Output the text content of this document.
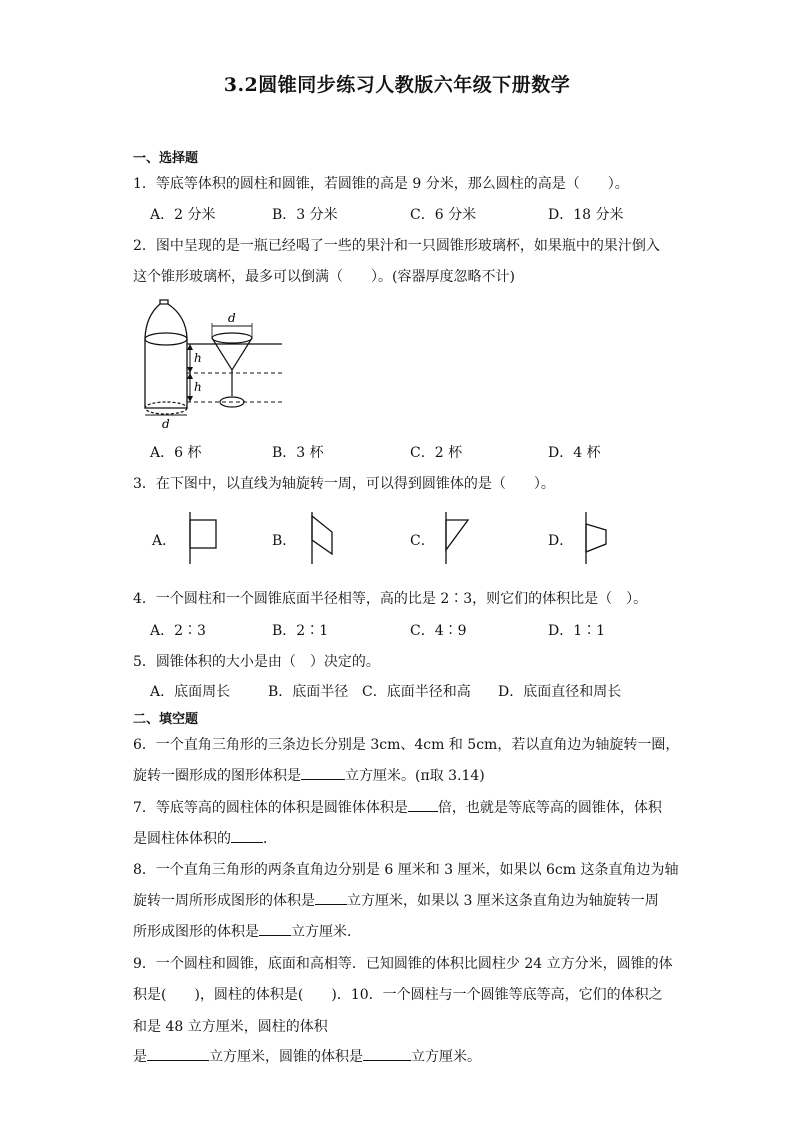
3.2圆锥同步练习人教版六年级下册数学
一、选择题
1．等底等体积的圆柱和圆锥，若圆锥的高是 9 分米，那么圆柱的高是（　　）。
A．2 分米	B．3 分米	C．6 分米	D．18 分米
2．图中呈现的是一瓶已经喝了一些的果汁和一只圆锥形玻璃杯，如果瓶中的果汁倒入
这个锥形玻璃杯，最多可以倒满（　　）。(容器厚度忽略不计)
d
h
h
d
A．6 杯	B．3 杯	C．2 杯	D．4 杯
3．在下图中，以直线为轴旋转一周，可以得到圆锥体的是（　　）。
A．	B．	C．	D．
4．一个圆柱和一个圆锥底面半径相等，高的比是 2∶3，则它们的体积比是（　）。
A．2∶3	B．2∶1	C．4∶9	D．1∶1
5．圆锥体积的大小是由（　）决定的。
A．底面周长	B．底面半径 C．底面半径和高 D．底面直径和周长
二、填空题
6．一个直角三角形的三条边长分别是 3cm、4cm 和 5cm，若以直角边为轴旋转一圈，
旋转一圈形成的图形体积是	立方厘米。(π取 3.14)
7．等底等高的圆柱体的体积是圆锥体体积是 倍，也就是等底等高的圆锥体，体积
是圆柱体体积的 ．
8．一个直角三角形的两条直角边分别是 6 厘米和 3 厘米，如果以 6cm 这条直角边为轴
旋转一周所形成图形的体积是 立方厘米，如果以 3 厘米这条直角边为轴旋转一周
所形成图形的体积是 立方厘米．
9．一个圆柱和圆锥，底面和高相等．已知圆锥的体积比圆柱少 24 立方分米，圆锥的体
积是(　　)，圆柱的体积是(　　)．10．一个圆柱与一个圆锥等底等高，它们的体积之
和是 48 立方厘米，圆柱的体积
是	立方厘米，圆锥的体积是	立方厘米。
